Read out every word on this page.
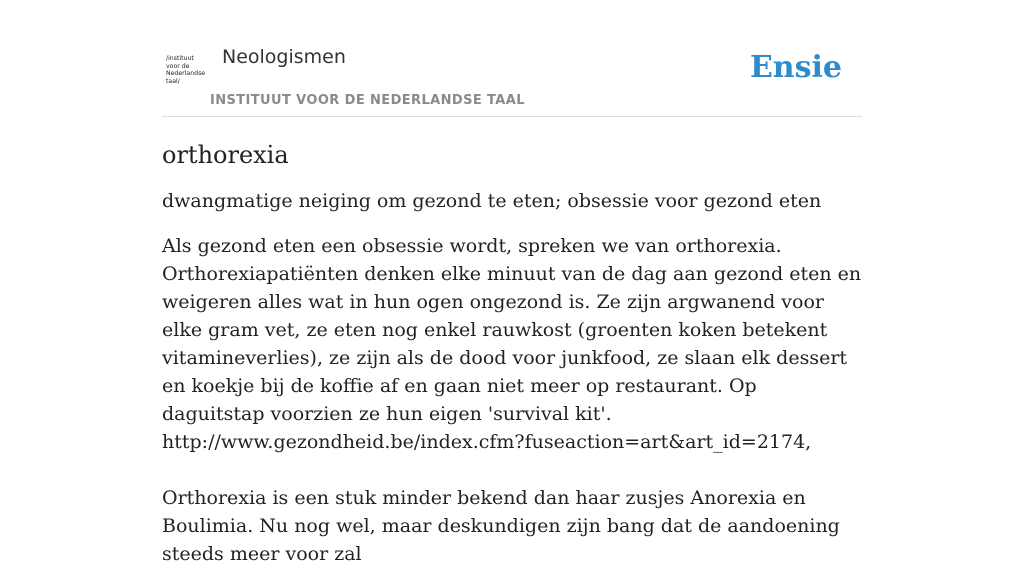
/instituut voor de Nederlandse taal/
Neologismen
INSTITUUT VOOR DE NEDERLANDSE TAAL
Ensie
orthorexia

dwangmatige neiging om gezond te eten; obsessie voor gezond eten

Als gezond eten een obsessie wordt, spreken we van orthorexia. Orthorexiapatiënten denken elke minuut van de dag aan gezond eten en weigeren alles wat in hun ogen ongezond is. Ze zijn argwanend voor elke gram vet, ze eten nog enkel rauwkost (groenten koken betekent vitamineverlies), ze zijn als de dood voor junkfood, ze slaan elk dessert en koekje bij de koffie af en gaan niet meer op restaurant. Op daguitstap voorzien ze hun eigen 'survival kit'. http://www.gezondheid.be/index.cfm?fuseaction=art&art_id=2174,

Orthorexia is een stuk minder bekend dan haar zusjes Anorexia en Boulimia. Nu nog wel, maar deskundigen zijn bang dat de aandoening steeds meer voor zal
